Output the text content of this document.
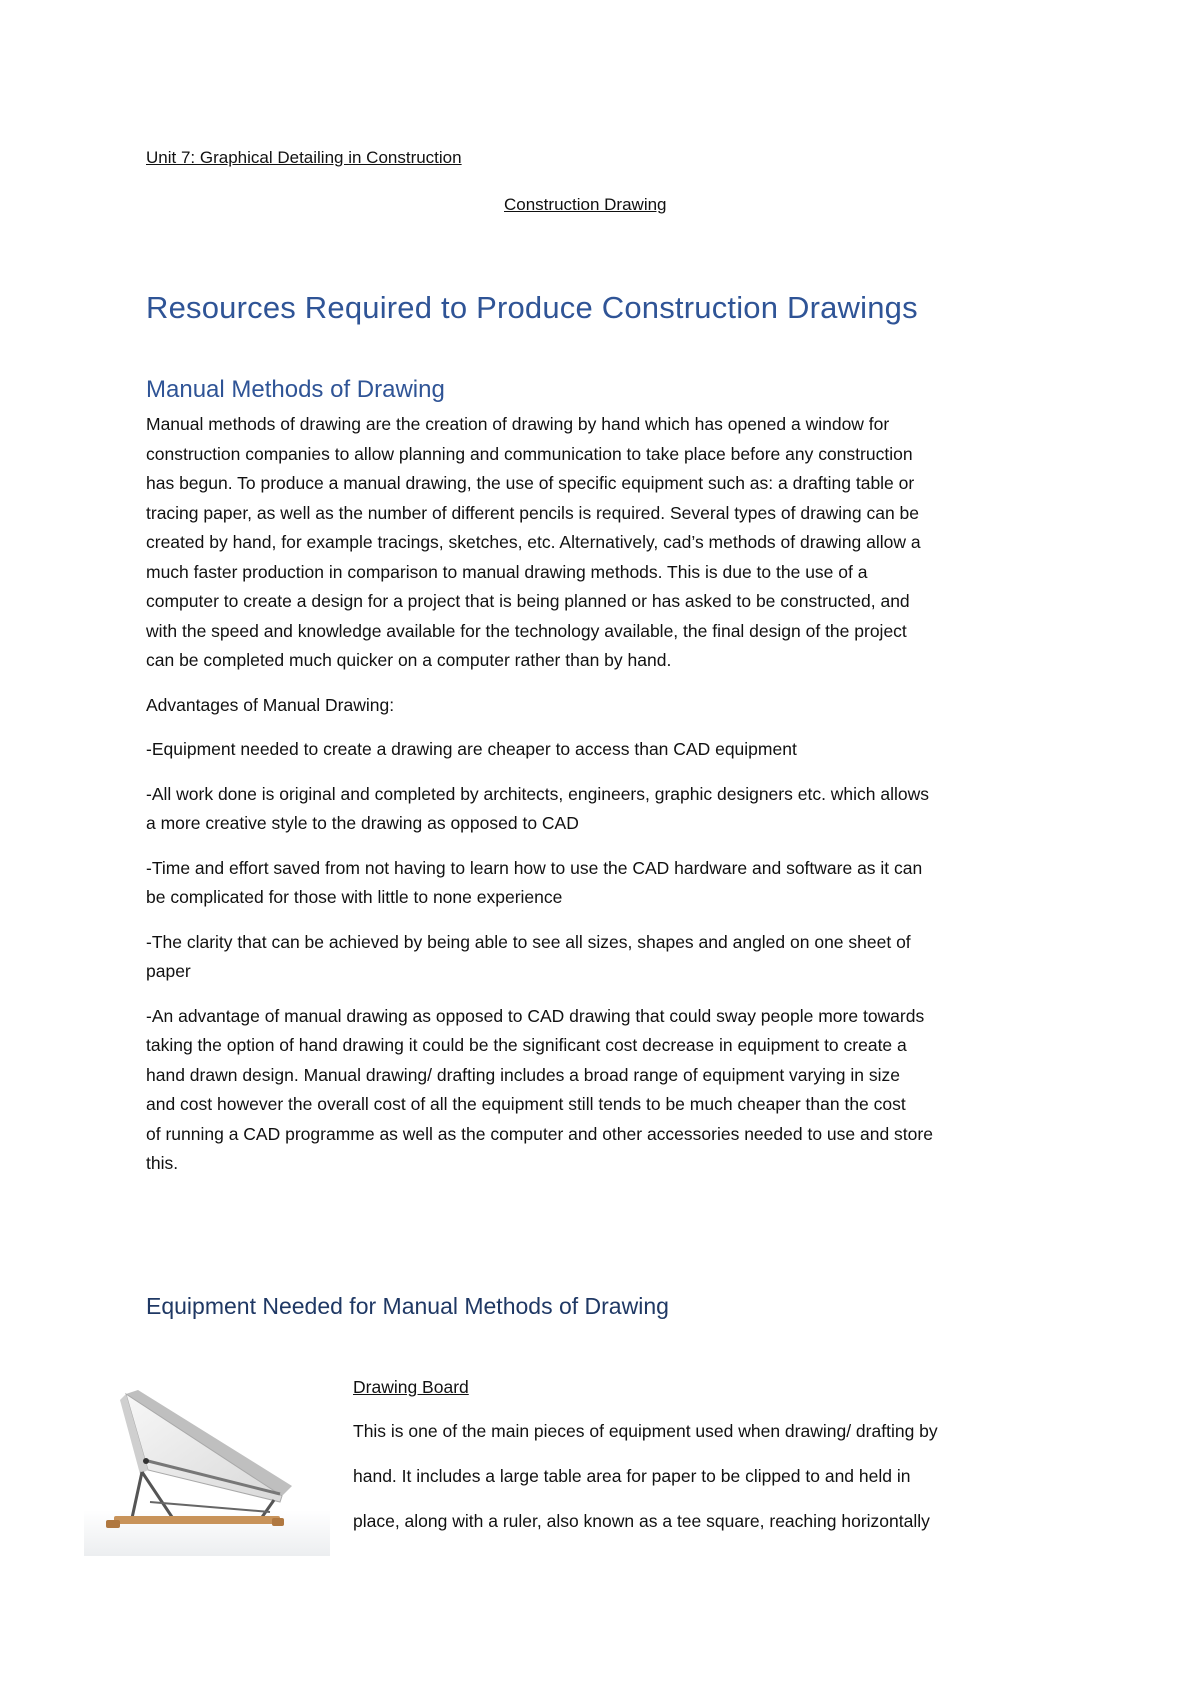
Unit 7: Graphical Detailing in Construction
Construction Drawing
Resources Required to Produce Construction Drawings
Manual Methods of Drawing

Manual methods of drawing are the creation of drawing by hand which has opened a window for

construction companies to allow planning and communication to take place before any construction

has begun. To produce a manual drawing, the use of specific equipment such as: a drafting table or

tracing paper, as well as the number of different pencils is required. Several types of drawing can be

created by hand, for example tracings, sketches, etc. Alternatively, cad’s methods of drawing allow a

much faster production in comparison to manual drawing methods. This is due to the use of a

computer to create a design for a project that is being planned or has asked to be constructed, and

with the speed and knowledge available for the technology available, the final design of the project

can be completed much quicker on a computer rather than by hand.

Advantages of Manual Drawing:

-Equipment needed to create a drawing are cheaper to access than CAD equipment

-All work done is original and completed by architects, engineers, graphic designers etc. which allows

a more creative style to the drawing as opposed to CAD

-Time and effort saved from not having to learn how to use the CAD hardware and software as it can

be complicated for those with little to none experience

-The clarity that can be achieved by being able to see all sizes, shapes and angled on one sheet of

paper

-An advantage of manual drawing as opposed to CAD drawing that could sway people more towards

taking the option of hand drawing it could be the significant cost decrease in equipment to create a

hand drawn design. Manual drawing/ drafting includes a broad range of equipment varying in size

and cost however the overall cost of all the equipment still tends to be much cheaper than the cost

of running a CAD programme as well as the computer and other accessories needed to use and store

this.

Equipment Needed for Manual Methods of Drawing
Drawing Board
This is one of the main pieces of equipment used when drawing/ drafting by
hand. It includes a large table area for paper to be clipped to and held in
place, along with a ruler, also known as a tee square, reaching horizontally
